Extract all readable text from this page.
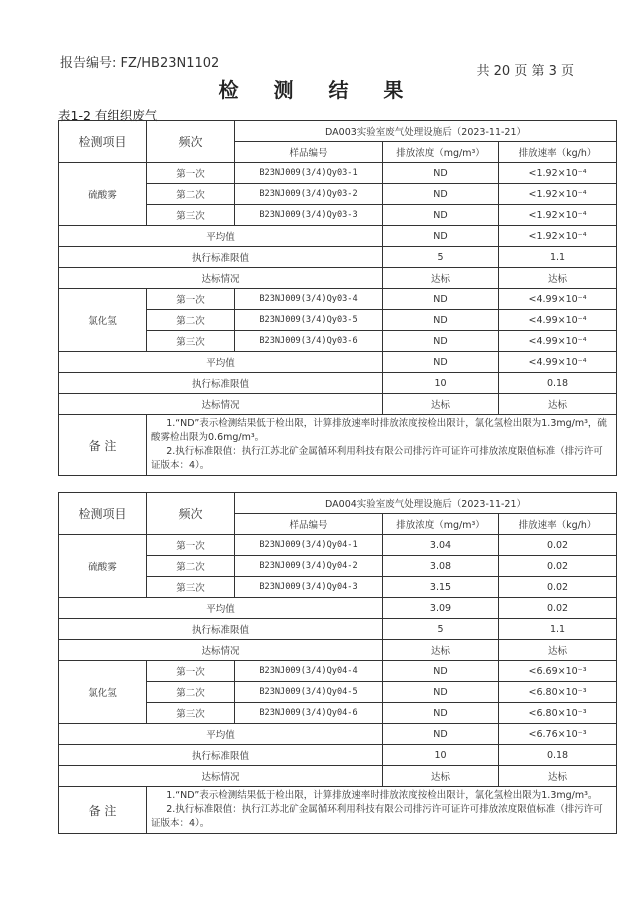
报告编号: FZ/HB23N1102
共 20 页 第 3 页
检 测 结 果
表1-2 有组织废气
检测项目	频次	DA003实验室废气处理设施后（2023-11-21）		
		样品编号	排放浓度（mg/m³）	排放速率（kg/h）
硫酸雾	第一次	B23NJ009(3/4)Qy03-1	ND	<1.92×10⁻⁴
	第二次	B23NJ009(3/4)Qy03-2	ND	<1.92×10⁻⁴
	第三次	B23NJ009(3/4)Qy03-3	ND	<1.92×10⁻⁴
平均值			ND	<1.92×10⁻⁴
执行标准限值			5	1.1
达标情况			达标	达标
氯化氢	第一次	B23NJ009(3/4)Qy03-4	ND	<4.99×10⁻⁴
	第二次	B23NJ009(3/4)Qy03-5	ND	<4.99×10⁻⁴
	第三次	B23NJ009(3/4)Qy03-6	ND	<4.99×10⁻⁴
平均值			ND	<4.99×10⁻⁴
执行标准限值			10	0.18
达标情况			达标	达标
备 注	1.“ND”表示检测结果低于检出限，计算排放速率时排放浓度按检出限计，氯化氢检出限为1.3mg/m³，硫酸雾检出限为0.6mg/m³。

2.执行标准限值：执行江苏北矿金属循环利用科技有限公司排污许可证许可排放浓度限值标准（排污许可证版本：4）。			

检测项目	频次	DA004实验室废气处理设施后（2023-11-21）		
		样品编号	排放浓度（mg/m³）	排放速率（kg/h）
硫酸雾	第一次	B23NJ009(3/4)Qy04-1	3.04	0.02
	第二次	B23NJ009(3/4)Qy04-2	3.08	0.02
	第三次	B23NJ009(3/4)Qy04-3	3.15	0.02
平均值			3.09	0.02
执行标准限值			5	1.1
达标情况			达标	达标
氯化氢	第一次	B23NJ009(3/4)Qy04-4	ND	<6.69×10⁻³
	第二次	B23NJ009(3/4)Qy04-5	ND	<6.80×10⁻³
	第三次	B23NJ009(3/4)Qy04-6	ND	<6.80×10⁻³
平均值			ND	<6.76×10⁻³
执行标准限值			10	0.18
达标情况			达标	达标
备 注	1.“ND”表示检测结果低于检出限，计算排放速率时排放浓度按检出限计，氯化氢检出限为1.3mg/m³。

2.执行标准限值：执行江苏北矿金属循环利用科技有限公司排污许可证许可排放浓度限值标准（排污许可证版本：4）。			
